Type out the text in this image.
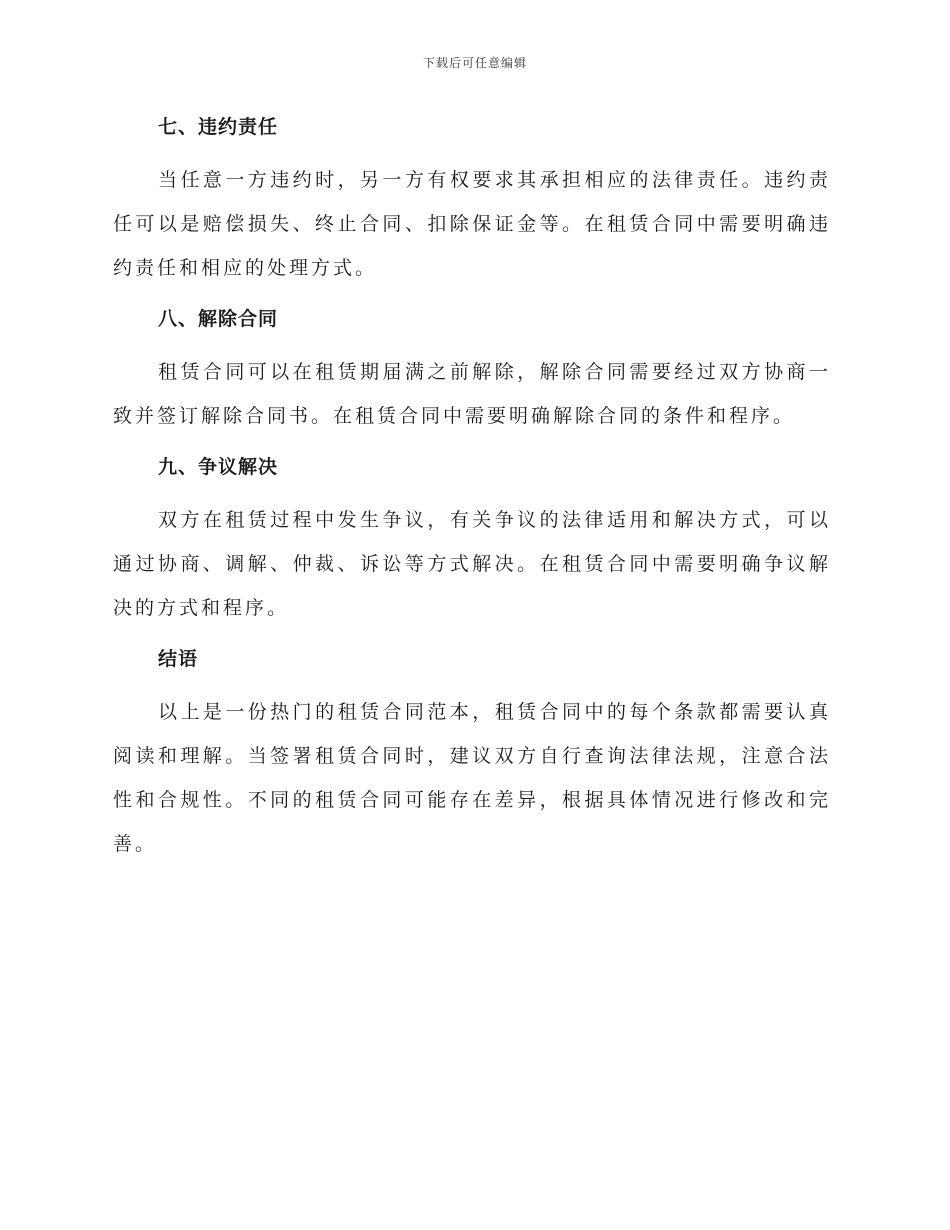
下载后可任意编辑
七、违约责任

当任意一方违约时，另一方有权要求其承担相应的法律责任。违约责任可以是赔偿损失、终止合同、扣除保证金等。在租赁合同中需要明确违约责任和相应的处理方式。

八、解除合同

租赁合同可以在租赁期届满之前解除，解除合同需要经过双方协商一致并签订解除合同书。在租赁合同中需要明确解除合同的条件和程序。

九、争议解决

双方在租赁过程中发生争议，有关争议的法律适用和解决方式，可以通过协商、调解、仲裁、诉讼等方式解决。在租赁合同中需要明确争议解决的方式和程序。

结语

以上是一份热门的租赁合同范本，租赁合同中的每个条款都需要认真阅读和理解。当签署租赁合同时，建议双方自行查询法律法规，注意合法性和合规性。不同的租赁合同可能存在差异，根据具体情况进行修改和完善。
